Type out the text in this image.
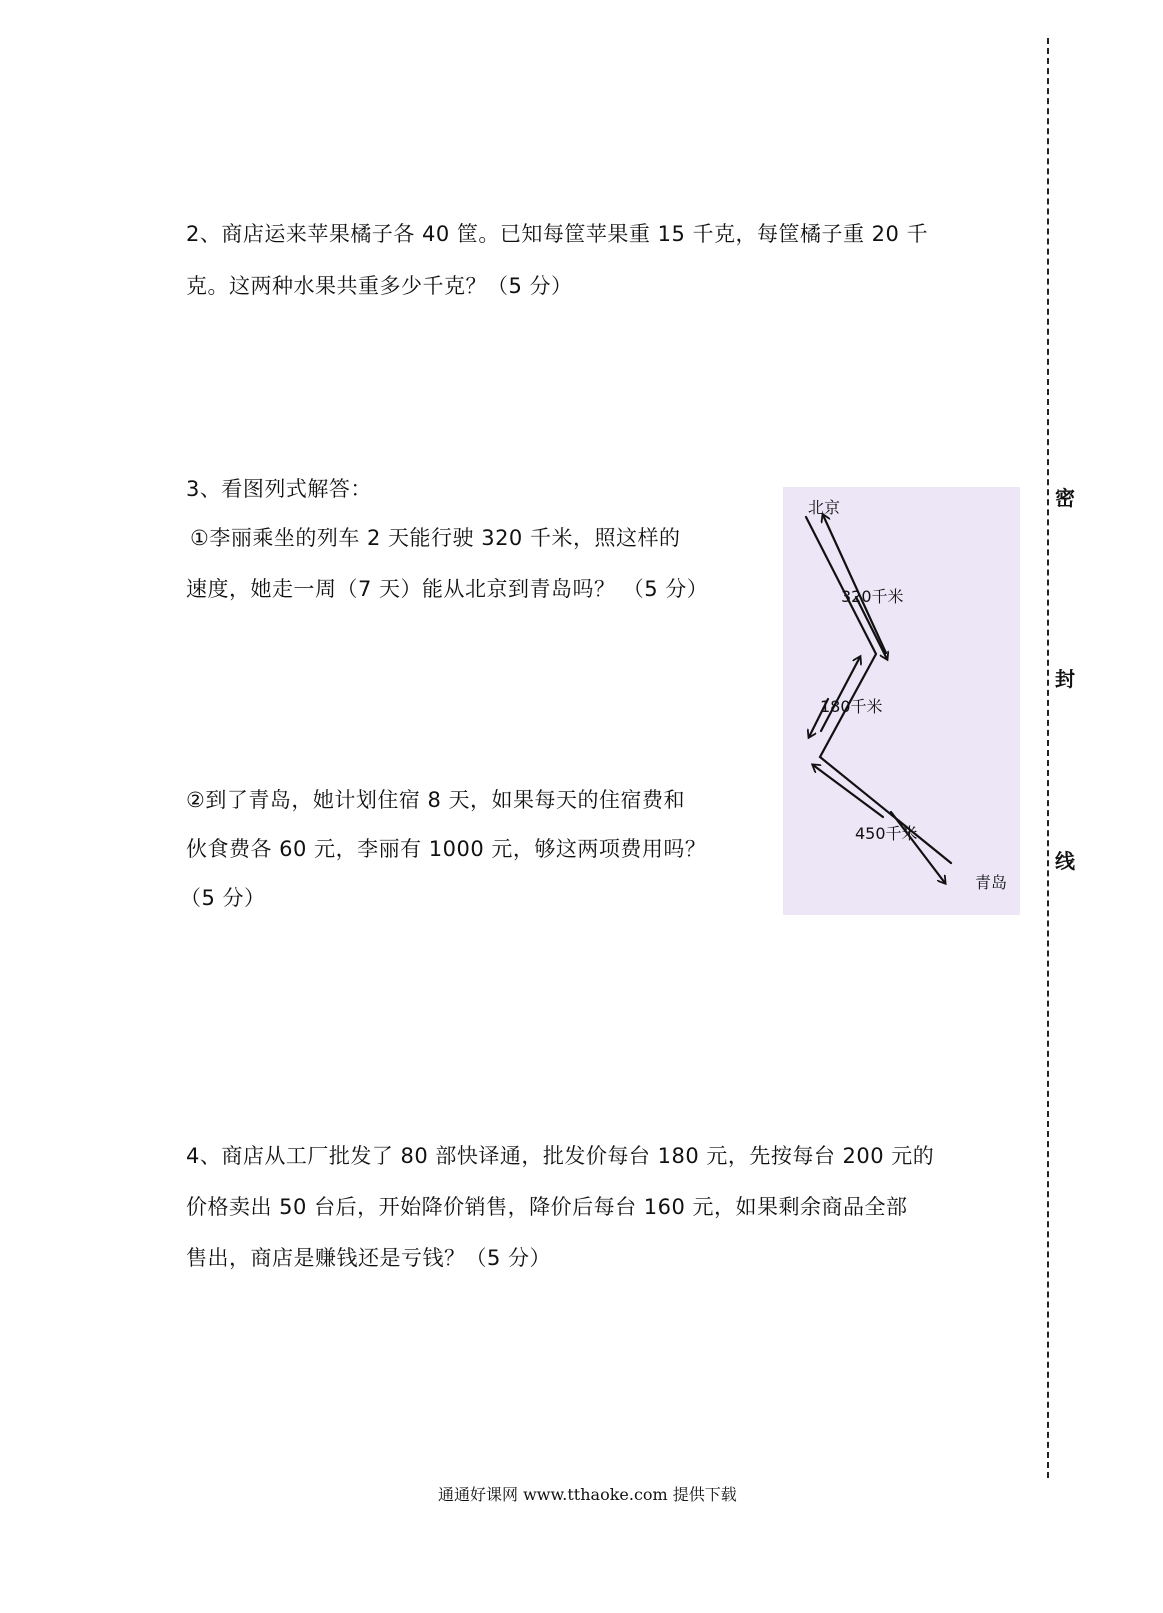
2、商店运来苹果橘子各 40 筐。已知每筐苹果重 15 千克，每筐橘子重 20 千
克。这两种水果共重多少千克？（5 分）
3、看图列式解答：
①李丽乘坐的列车 2 天能行驶 320 千米，照这样的
速度，她走一周（7 天）能从北京到青岛吗？ （5 分）
②到了青岛，她计划住宿 8 天，如果每天的住宿费和
伙食费各 60 元，李丽有 1000 元，够这两项费用吗？
（5 分）
北京
320千米
180千米
450千米
青岛
4、商店从工厂批发了 80 部快译通，批发价每台 180 元，先按每台 200 元的
价格卖出 50 台后，开始降价销售，降价后每台 160 元，如果剩余商品全部
售出，商店是赚钱还是亏钱？（5 分）
密
封
线
通通好课网 www.tthaoke.com 提供下载
